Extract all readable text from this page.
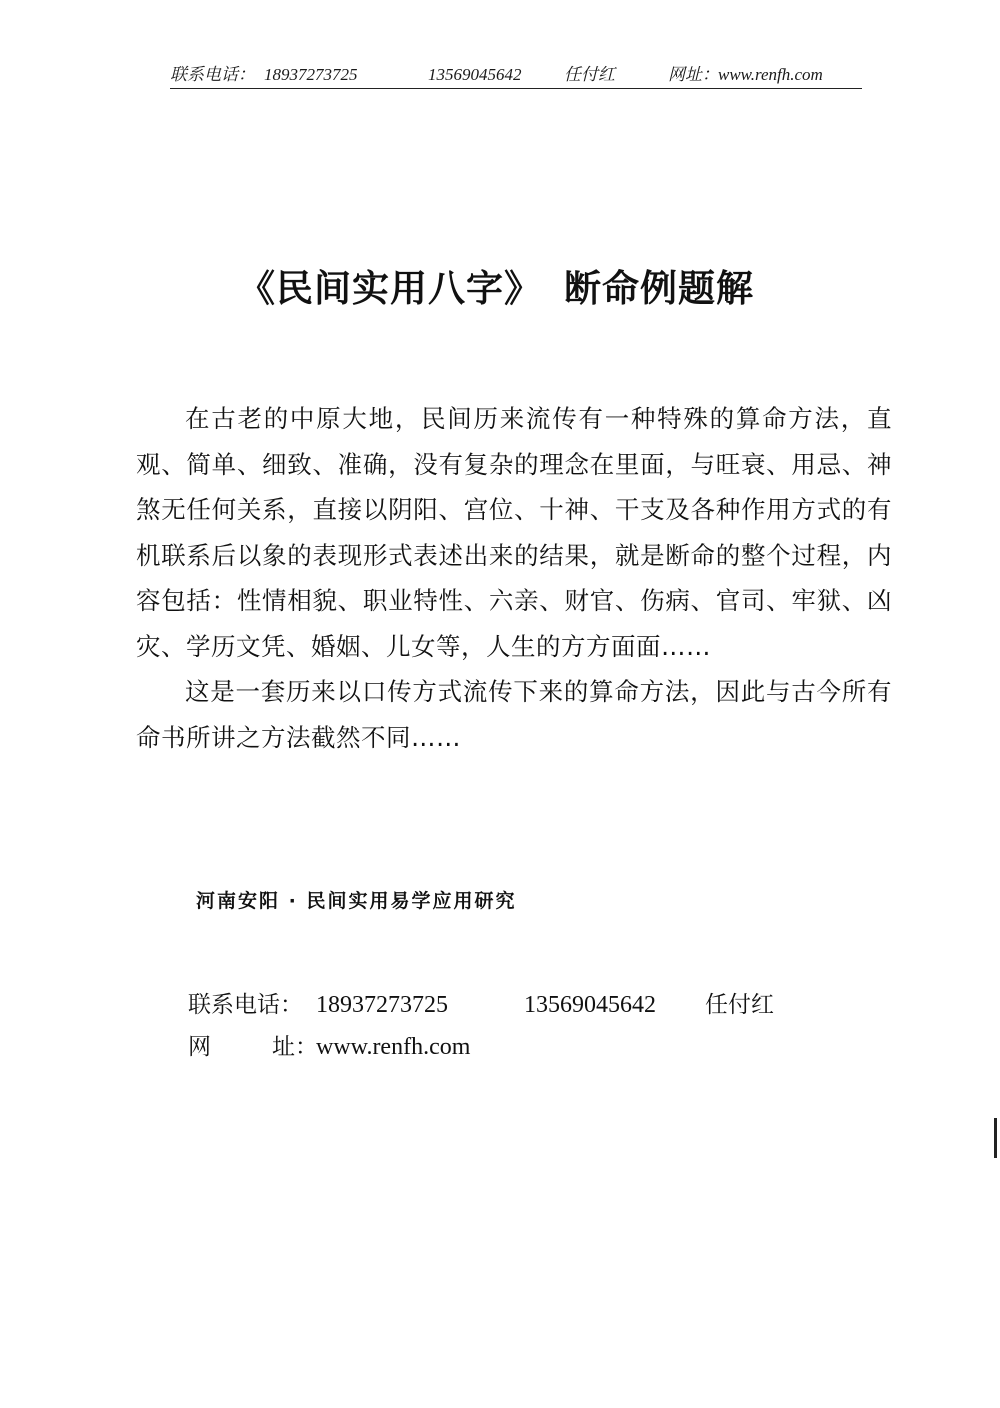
联系电话： 18937273725	13569045642	任付红	网址： www.renfh.com
《民间实用八字》 断命例题解

在古老的中原大地，民间历来流传有一种特殊的算命方法，直观、简单、细致、准确，没有复杂的理念在里面，与旺衰、用忌、神煞无任何关系，直接以阴阳、宫位、十神、干支及各种作用方式的有机联系后以象的表现形式表述出来的结果，就是断命的整个过程，内容包括：性情相貌、职业特性、六亲、财官、伤病、官司、牢狱、凶灾、学历文凭、婚姻、儿女等，人生的方方面面……

这是一套历来以口传方式流传下来的算命方法，因此与古今所有命书所讲之方法截然不同……

河南安阳 · 民间实用易学应用研究
联系电话： 18937273725	13569045642 任付红
网	址：
www.renfh.com
